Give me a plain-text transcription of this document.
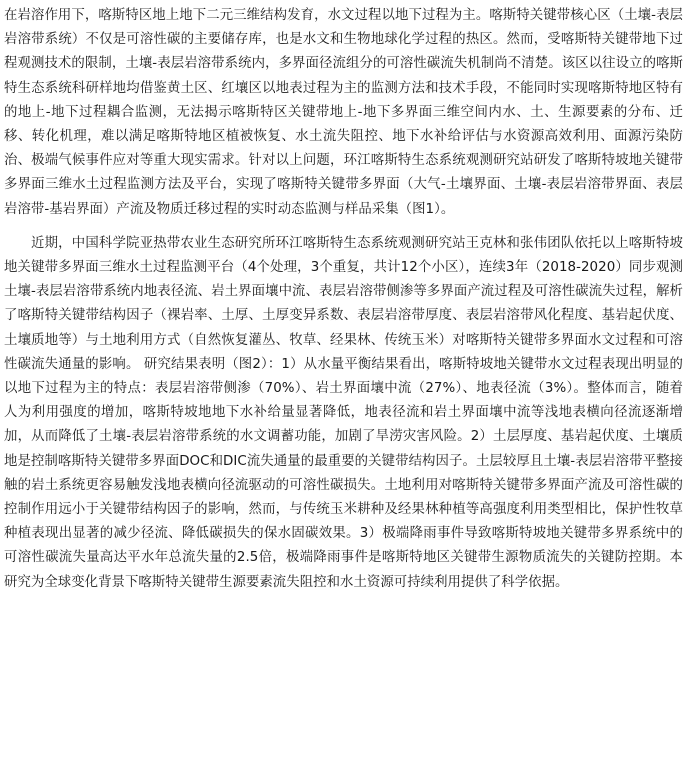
在岩溶作用下，喀斯特区地上地下二元三维结构发育，水文过程以地下过程为主。喀斯特关键带核心区（土壤-表层岩溶带系统）不仅是可溶性碳的主要储存库，也是水文和生物地球化学过程的热区。然而，受喀斯特关键带地下过程观测技术的限制，土壤-表层岩溶带系统内，多界面径流组分的可溶性碳流失机制尚不清楚。该区以往设立的喀斯特生态系统科研样地均借鉴黄土区、红壤区以地表过程为主的监测方法和技术手段，不能同时实现喀斯特地区特有的地上-地下过程耦合监测，无法揭示喀斯特区关键带地上-地下多界面三维空间内水、土、生源要素的分布、迁移、转化机理，难以满足喀斯特地区植被恢复、水土流失阻控、地下水补给评估与水资源高效利用、面源污染防治、极端气候事件应对等重大现实需求。针对以上问题，环江喀斯特生态系统观测研究站研发了喀斯特坡地关键带多界面三维水土过程监测方法及平台，实现了喀斯特关键带多界面（大气-土壤界面、土壤-表层岩溶带界面、表层岩溶带-基岩界面）产流及物质迁移过程的实时动态监测与样品采集（图1）。

近期，中国科学院亚热带农业生态研究所环江喀斯特生态系统观测研究站王克林和张伟团队依托以上喀斯特坡地关键带多界面三维水土过程监测平台（4个处理，3个重复，共计12个小区），连续3年（2018-2020）同步观测土壤-表层岩溶带系统内地表径流、岩土界面壤中流、表层岩溶带侧渗等多界面产流过程及可溶性碳流失过程，解析了喀斯特关键带结构因子（裸岩率、土厚、土厚变异系数、表层岩溶带厚度、表层岩溶带风化程度、基岩起伏度、土壤质地等）与土地利用方式（自然恢复灌丛、牧草、经果林、传统玉米）对喀斯特关键带多界面水文过程和可溶性碳流失通量的影响。 研究结果表明（图2）：1）从水量平衡结果看出，喀斯特坡地关键带水文过程表现出明显的以地下过程为主的特点：表层岩溶带侧渗（70%）、岩土界面壤中流（27%）、地表径流（3%）。整体而言，随着人为利用强度的增加，喀斯特坡地地下水补给量显著降低，地表径流和岩土界面壤中流等浅地表横向径流逐渐增加，从而降低了土壤-表层岩溶带系统的水文调蓄功能，加剧了旱涝灾害风险。2）土层厚度、基岩起伏度、土壤质地是控制喀斯特关键带多界面DOC和DIC流失通量的最重要的关键带结构因子。土层较厚且土壤-表层岩溶带平整接触的岩土系统更容易触发浅地表横向径流驱动的可溶性碳损失。土地利用对喀斯特关键带多界面产流及可溶性碳的控制作用远小于关键带结构因子的影响，然而，与传统玉米耕种及经果林种植等高强度利用类型相比，保护性牧草种植表现出显著的减少径流、降低碳损失的保水固碳效果。3）极端降雨事件导致喀斯特坡地关键带多界系统中的可溶性碳流失量高达平水年总流失量的2.5倍，极端降雨事件是喀斯特地区关键带生源物质流失的关键防控期。本研究为全球变化背景下喀斯特关键带生源要素流失阻控和水土资源可持续利用提供了科学依据。
